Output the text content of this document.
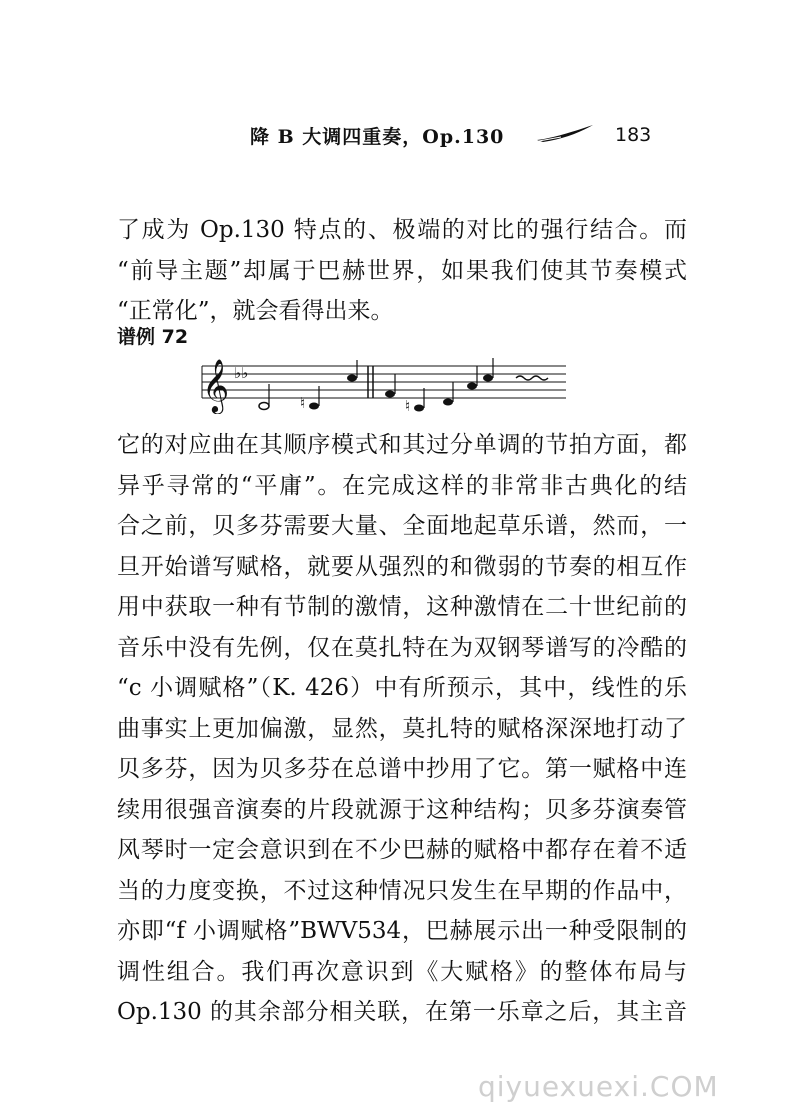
降 B 大调四重奏，Op.130	183
了成为 Op.130 特点的、极端的对比的强行结合。而
“前导主题”却属于巴赫世界，如果我们使其节奏模式
“正常化”，就会看得出来。
谱例 72
𝄞 ♭♭
♮	♮
它的对应曲在其顺序模式和其过分单调的节拍方面，都
异乎寻常的“平庸”。在完成这样的非常非古典化的结
合之前，贝多芬需要大量、全面地起草乐谱，然而，一
旦开始谱写赋格，就要从强烈的和微弱的节奏的相互作
用中获取一种有节制的激情，这种激情在二十世纪前的
音乐中没有先例，仅在莫扎特在为双钢琴谱写的冷酷的
“c 小调赋格”（K. 426）中有所预示，其中，线性的乐
曲事实上更加偏激，显然，莫扎特的赋格深深地打动了
贝多芬，因为贝多芬在总谱中抄用了它。第一赋格中连
续用很强音演奏的片段就源于这种结构；贝多芬演奏管
风琴时一定会意识到在不少巴赫的赋格中都存在着不适
当的力度变换，不过这种情况只发生在早期的作品中，
亦即“f 小调赋格”BWV534，巴赫展示出一种受限制的
调性组合。我们再次意识到《大赋格》的整体布局与
Op.130 的其余部分相关联，在第一乐章之后，其主音
qiyuexuexi.COM
